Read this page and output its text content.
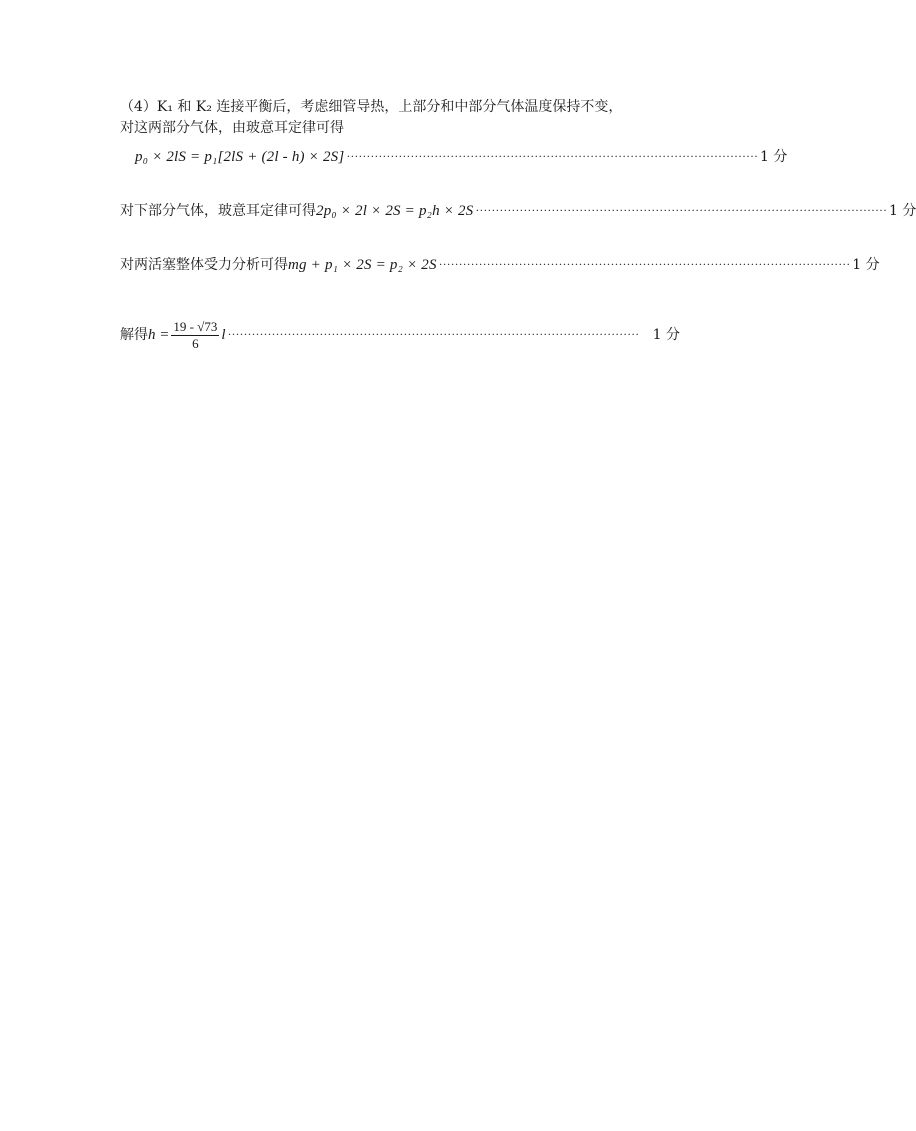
（4）K₁ 和 K₂ 连接平衡后，考虑细管导热，上部分和中部分气体温度保持不变，
对这两部分气体，由玻意耳定律可得
p₀ × 2lS = p₁[2lS + (2l - h) × 2S] ······································································································· 1 分
对下部分气体，玻意耳定律可得 2p₀ × 2l × 2S = p₂h × 2S ······································································································· 1 分
对两活塞整体受力分析可得 mg + p₁ × 2S = p₂ × 2S ······································································································· 1 分
解得 $h = \frac{19 - √73}{6}$ l ······································································································· 1 分
